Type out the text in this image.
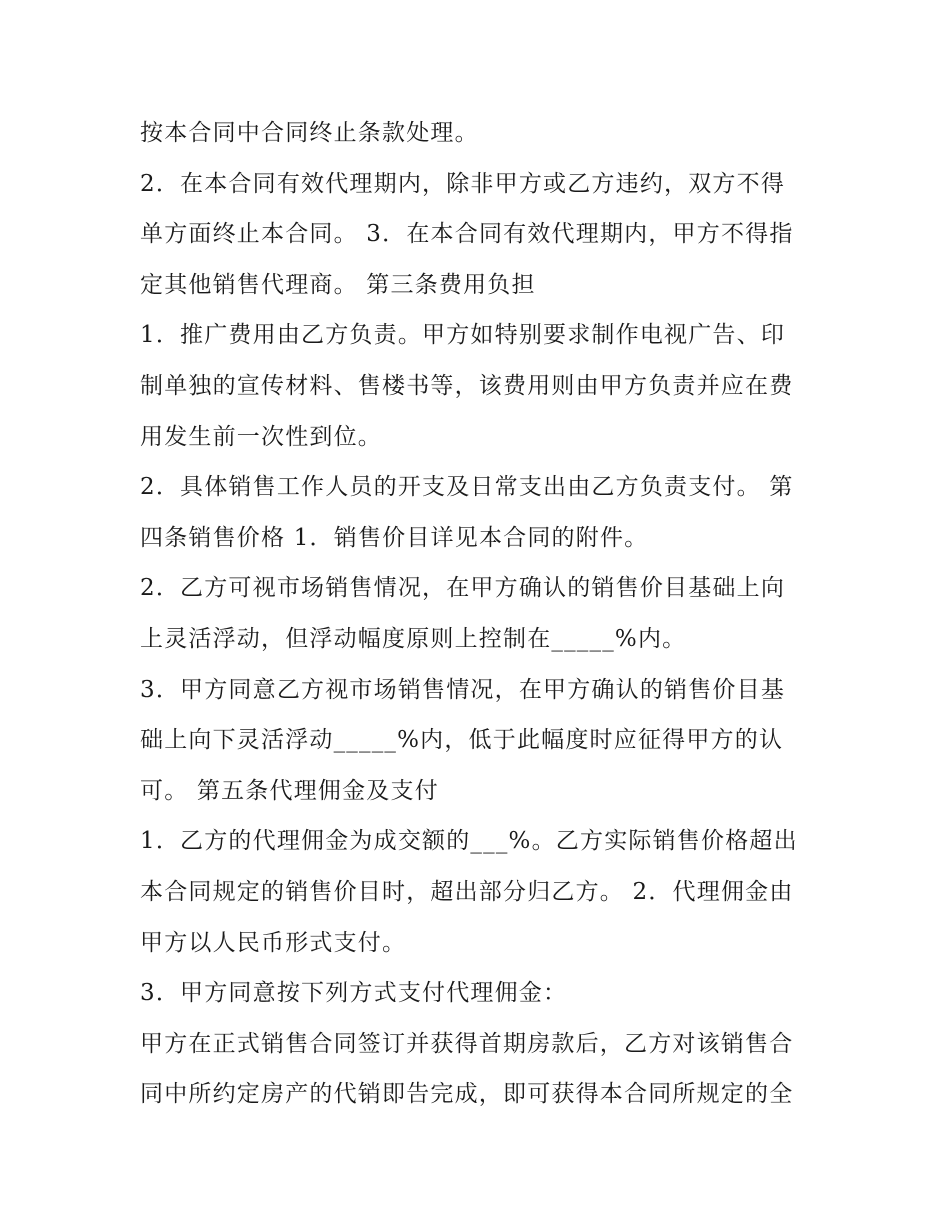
按本合同中合同终止条款处理。
2．在本合同有效代理期内，除非甲方或乙方违约，双方不得
单方面终止本合同。 3．在本合同有效代理期内，甲方不得指
定其他销售代理商。 第三条费用负担
1．推广费用由乙方负责。甲方如特别要求制作电视广告、印
制单独的宣传材料、售楼书等，该费用则由甲方负责并应在费
用发生前一次性到位。
2．具体销售工作人员的开支及日常支出由乙方负责支付。 第
四条销售价格 1．销售价目详见本合同的附件。
2．乙方可视市场销售情况，在甲方确认的销售价目基础上向
上灵活浮动，但浮动幅度原则上控制在_____%内。
3．甲方同意乙方视市场销售情况，在甲方确认的销售价目基
础上向下灵活浮动_____%内，低于此幅度时应征得甲方的认
可。 第五条代理佣金及支付
1．乙方的代理佣金为成交额的___%。乙方实际销售价格超出
本合同规定的销售价目时，超出部分归乙方。 2．代理佣金由
甲方以人民币形式支付。
3．甲方同意按下列方式支付代理佣金：
甲方在正式销售合同签订并获得首期房款后，乙方对该销售合
同中所约定房产的代销即告完成，即可获得本合同所规定的全
